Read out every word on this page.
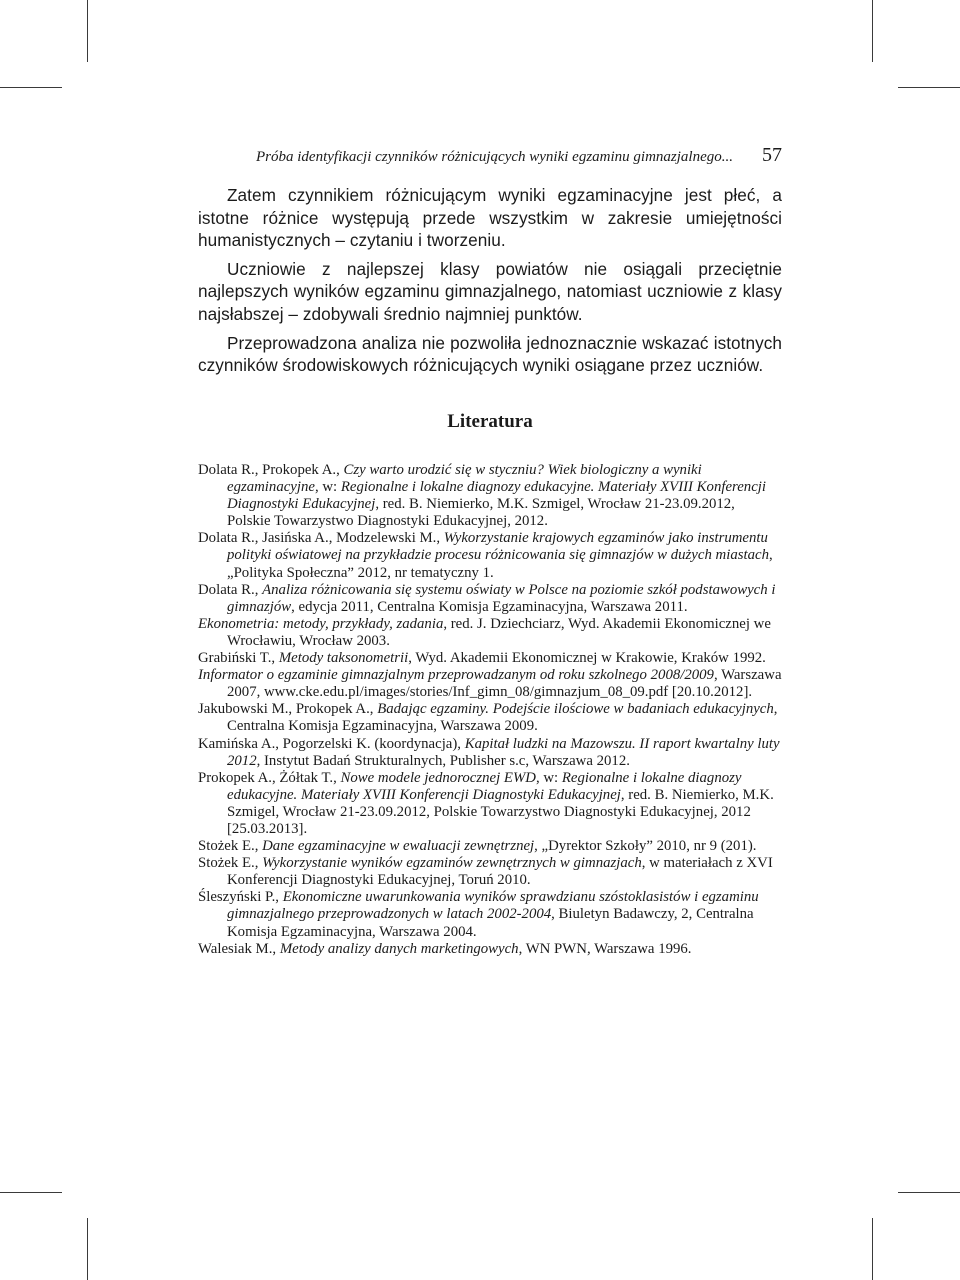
Próba identyfikacji czynników różnicujących wyniki egzaminu gimnazjalnego... 57

Zatem czynnikiem różnicującym wyniki egzaminacyjne jest płeć, a istotne różnice występują przede wszystkim w zakresie umiejętności humanistycznych – czytaniu i tworzeniu.

Uczniowie z najlepszej klasy powiatów nie osiągali przeciętnie najlepszych wyników egzaminu gimnazjalnego, natomiast uczniowie z klasy najsłabszej – zdobywali średnio najmniej punktów.

Przeprowadzona analiza nie pozwoliła jednoznacznie wskazać istotnych czynników środowiskowych różnicujących wyniki osiągane przez uczniów.

Literatura

Dolata R., Prokopek A., Czy warto urodzić się w styczniu? Wiek biologiczny a wyniki egzaminacyjne, w: Regionalne i lokalne diagnozy edukacyjne. Materiały XVIII Konferencji Diagnostyki Edukacyjnej, red. B. Niemierko, M.K. Szmigel, Wrocław 21-23.09.2012, Polskie Towarzystwo Diagnostyki Edukacyjnej, 2012.

Dolata R., Jasińska A., Modzelewski M., Wykorzystanie krajowych egzaminów jako instrumentu polityki oświatowej na przykładzie procesu różnicowania się gimnazjów w dużych miastach, „Polityka Społeczna” 2012, nr tematyczny 1.

Dolata R., Analiza różnicowania się systemu oświaty w Polsce na poziomie szkół podstawowych i gimnazjów, edycja 2011, Centralna Komisja Egzaminacyjna, Warszawa 2011.

Ekonometria: metody, przykłady, zadania, red. J. Dziechciarz, Wyd. Akademii Ekonomicznej we Wrocławiu, Wrocław 2003.

Grabiński T., Metody taksonometrii, Wyd. Akademii Ekonomicznej w Krakowie, Kraków 1992.

Informator o egzaminie gimnazjalnym przeprowadzanym od roku szkolnego 2008/2009, Warszawa 2007, www.cke.edu.pl/images/stories/Inf_gimn_08/gimnazjum_08_09.pdf [20.10.2012].

Jakubowski M., Prokopek A., Badając egzaminy. Podejście ilościowe w badaniach edukacyjnych, Centralna Komisja Egzaminacyjna, Warszawa 2009.

Kamińska A., Pogorzelski K. (koordynacja), Kapitał ludzki na Mazowszu. II raport kwartalny luty 2012, Instytut Badań Strukturalnych, Publisher s.c, Warszawa 2012.

Prokopek A., Żółtak T., Nowe modele jednorocznej EWD, w: Regionalne i lokalne diagnozy edukacyjne. Materiały XVIII Konferencji Diagnostyki Edukacyjnej, red. B. Niemierko, M.K. Szmigel, Wrocław 21-23.09.2012, Polskie Towarzystwo Diagnostyki Edukacyjnej, 2012 [25.03.2013].

Stożek E., Dane egzaminacyjne w ewaluacji zewnętrznej, „Dyrektor Szkoły” 2010, nr 9 (201).

Stożek E., Wykorzystanie wyników egzaminów zewnętrznych w gimnazjach, w materiałach z XVI Konferencji Diagnostyki Edukacyjnej, Toruń 2010.

Śleszyński P., Ekonomiczne uwarunkowania wyników sprawdzianu szóstoklasistów i egzaminu gimnazjalnego przeprowadzonych w latach 2002-2004, Biuletyn Badawczy, 2, Centralna Komisja Egzaminacyjna, Warszawa 2004.

Walesiak M., Metody analizy danych marketingowych, WN PWN, Warszawa 1996.
